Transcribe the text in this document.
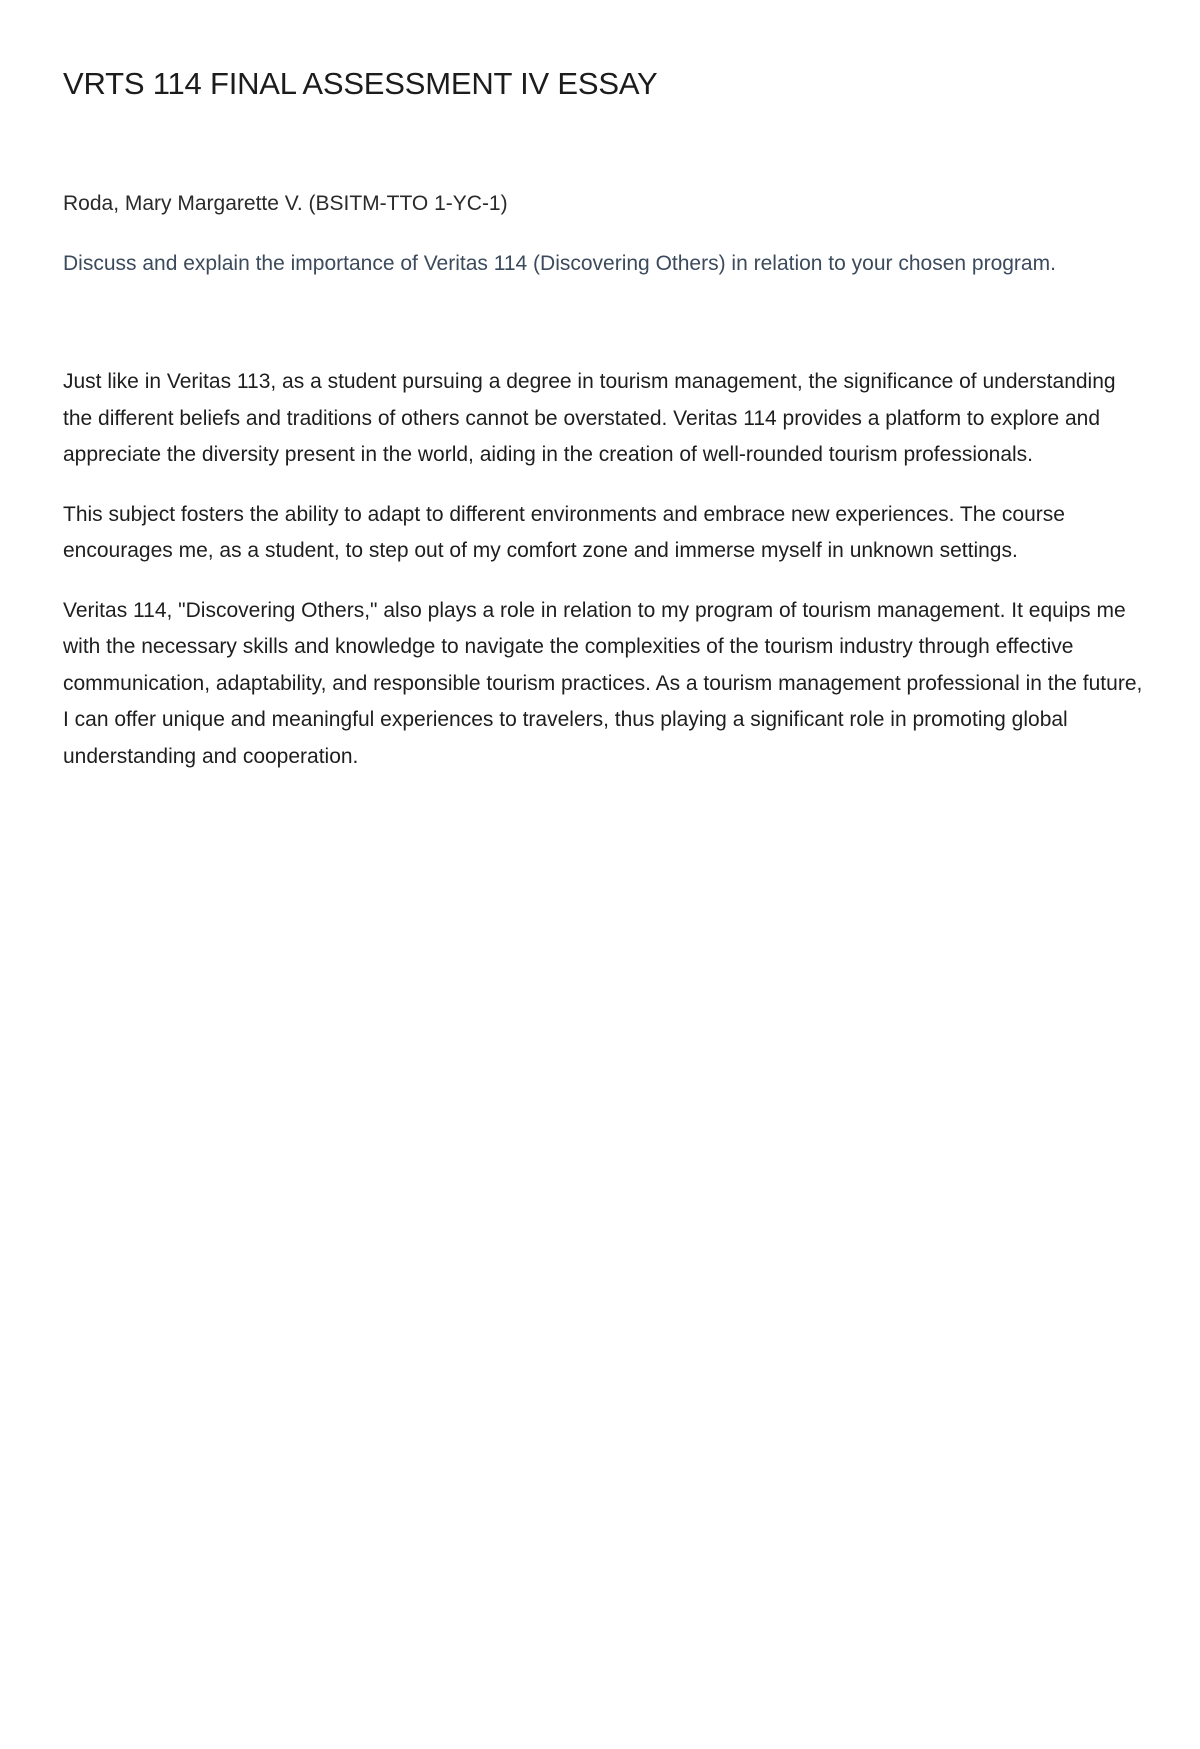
VRTS 114 FINAL ASSESSMENT IV ESSAY

Roda, Mary Margarette V. (BSITM-TTO 1-YC-1)

Discuss and explain the importance of Veritas 114 (Discovering Others) in relation to your chosen program.

Just like in Veritas 113, as a student pursuing a degree in tourism management, the significance of understanding the different beliefs and traditions of others cannot be overstated. Veritas 114 provides a platform to explore and appreciate the diversity present in the world, aiding in the creation of well-rounded tourism professionals.

This subject fosters the ability to adapt to different environments and embrace new experiences. The course encourages me, as a student, to step out of my comfort zone and immerse myself in unknown settings.

Veritas 114, "Discovering Others," also plays a role in relation to my program of tourism management. It equips me with the necessary skills and knowledge to navigate the complexities of the tourism industry through effective communication, adaptability, and responsible tourism practices. As a tourism management professional in the future, I can offer unique and meaningful experiences to travelers, thus playing a significant role in promoting global understanding and cooperation.
